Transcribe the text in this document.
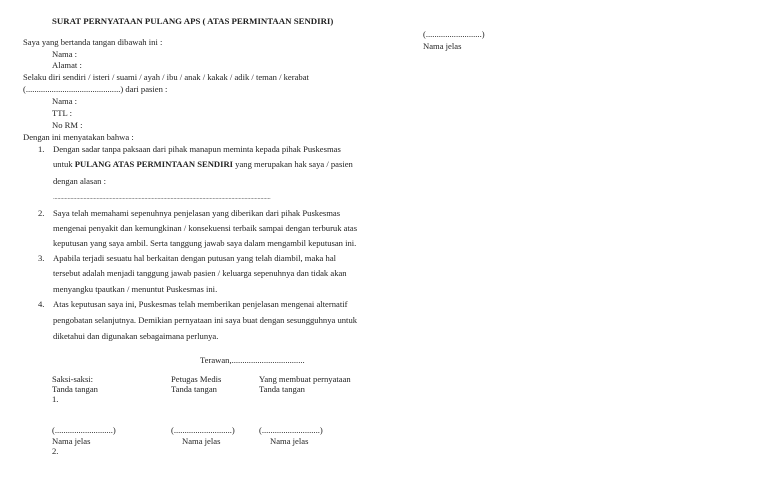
SURAT PERNYATAAN PULANG APS ( ATAS PERMINTAAN SENDIRI)
(..........................)
Nama jelas
Saya yang bertanda tangan dibawah ini :
Nama :
Alamat :
Selaku diri sendiri / isteri / suami / ayah / ibu / anak / kakak / adik / teman / kerabat
(............................................) dari pasien :
Nama :
TTL :
No RM :
Dengan ini menyatakan bahwa :
1. Dengan sadar tanpa paksaan dari pihak manapun meminta kepada pihak Puskesmas
untuk PULANG ATAS PERMINTAAN SENDIRI yang merupakan hak saya / pasien
dengan alasan :
......................................................................................................................................................
2. Saya telah memahami sepenuhnya penjelasan yang diberikan dari pihak Puskesmas
mengenai penyakit dan kemungkinan / konsekuensi terbaik sampai dengan terburuk atas
keputusan yang saya ambil. Serta tanggung jawab saya dalam mengambil keputusan ini.
3. Apabila terjadi sesuatu hal berkaitan dengan putusan yang telah diambil, maka hal
tersebut adalah menjadi tanggung jawab pasien / keluarga sepenuhnya dan tidak akan
menyangku tpautkan / menuntut Puskesmas ini.
4. Atas keputusan saya ini, Puskesmas telah memberikan penjelasan mengenai alternatif
pengobatan selanjutnya. Demikian pernyataan ini saya buat dengan sesungguhnya untuk
diketahui dan digunakan sebagaimana perlunya.
Terawan,..................................
Saksi-saksi:
Tanda tangan
1.
(...........................)
Nama jelas
2.
Petugas Medis
Tanda tangan
(...........................)
Nama jelas
Yang membuat pernyataan
Tanda tangan
(...........................)
Nama jelas
